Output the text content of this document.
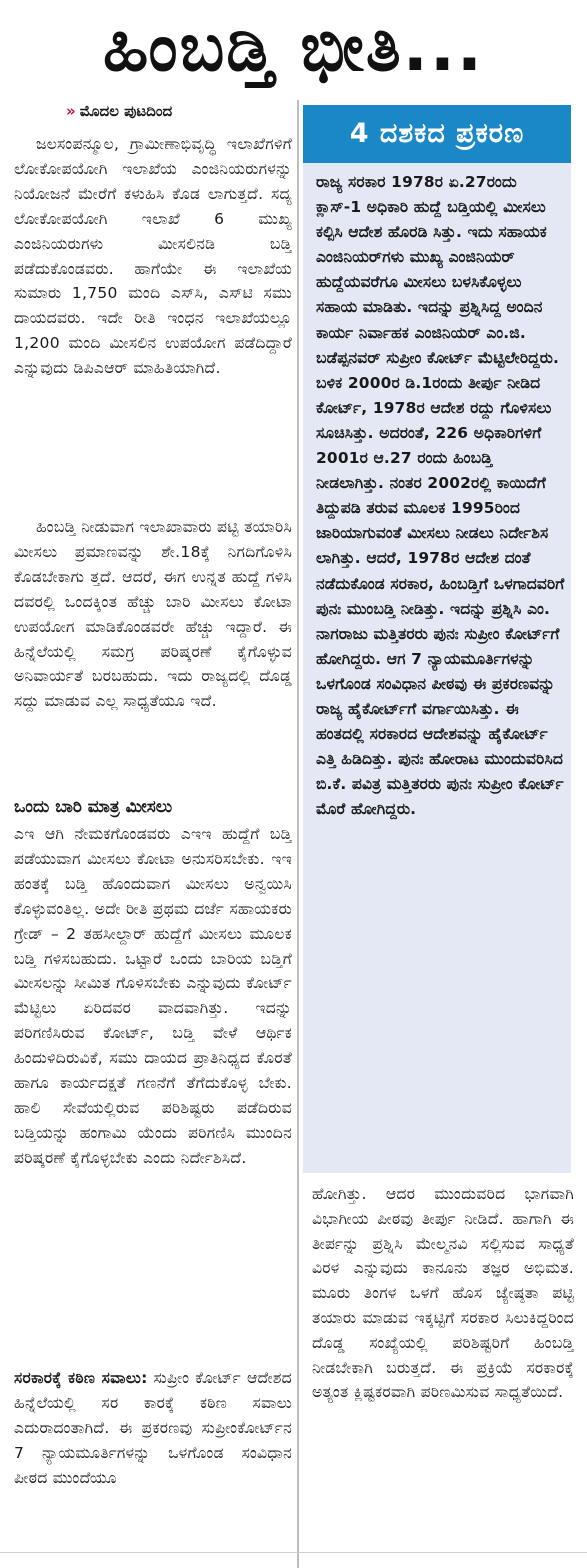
ಹಿಂಬಡ್ತಿ ಭೀತಿ...
» ಮೊದಲ ಪುಟದಿಂದ
ಜಲಸಂಪನ್ಮೂಲ, ಗ್ರಾಮೀಣಾಭಿವೃದ್ಧಿ ಇಲಾಖೆಗಳಿಗೆ ಲೋಕೋಪಯೋಗಿ ಇಲಾಖೆಯ ಎಂಜಿನಿಯರುಗಳನ್ನು ನಿಯೋಜನೆ ಮೇರೆಗೆ ಕಳುಹಿಸಿ ಕೊಡ ಲಾಗುತ್ತದೆ. ಸದ್ಯ ಲೋಕೋಪಯೋಗಿ ಇಲಾಖೆ 6 ಮುಖ್ಯ ಎಂಜಿನಿಯರುಗಳು ಮೀಸಲಿನಡಿ ಬಡ್ತಿ ಪಡೆದುಕೊಂಡವರು. ಹಾಗೆಯೇ ಈ ಇಲಾಖೆಯ ಸುಮಾರು 1,750 ಮಂದಿ ಎಸ್‌ಸಿ, ಎಸ್‌ಟಿ ಸಮು ದಾಯದವರು. ಇದೇ ರೀತಿ ಇಂಧನ ಇಲಾಖೆಯಲ್ಲೂ 1,200 ಮಂದಿ ಮೀಸಲಿನ ಉಪಯೋಗ ಪಡೆದಿದ್ದಾರೆ ಎನ್ನುವುದು ಡಿಪಿಎಆರ್ ಮಾಹಿತಿಯಾಗಿದೆ.
ಹಿಂಬಡ್ತಿ ನೀಡುವಾಗ ಇಲಾಖಾವಾರು ಪಟ್ಟಿ ತಯಾರಿಸಿ ಮೀಸಲು ಪ್ರಮಾಣವನ್ನು ಶೇ.18ಕ್ಕೆ ನಿಗದಿಗೊಳಿಸಿ ಕೊಡಬೇಕಾಗು ತ್ತದೆ. ಆದರೆ, ಈಗ ಉನ್ನತ ಹುದ್ದೆ ಗಳಿಸಿ ದವರಲ್ಲಿ ಒಂದಕ್ಕಿಂತ ಹೆಚ್ಚು ಬಾರಿ ಮೀಸಲು ಕೋಟಾ ಉಪಯೋಗ ಮಾಡಿಕೊಂಡವರೇ ಹೆಚ್ಚು ಇದ್ದಾರೆ. ಈ ಹಿನ್ನೆಲೆಯಲ್ಲಿ ಸಮಗ್ರ ಪರಿಷ್ಕರಣೆ ಕೈಗೊಳ್ಳುವ ಅನಿವಾರ್ಯತೆ ಬರಬಹುದು. ಇದು ರಾಜ್ಯದಲ್ಲಿ ದೊಡ್ಡ ಸದ್ದು ಮಾಡುವ ಎಲ್ಲ ಸಾಧ್ಯತೆಯೂ ಇದೆ.
ಒಂದು ಬಾರಿ ಮಾತ್ರ ಮೀಸಲು
ಎಇ ಆಗಿ ನೇಮಕಗೊಂಡವರು ಎಇಇ ಹುದ್ದೆಗೆ ಬಡ್ತಿ ಪಡೆಯುವಾಗ ಮೀಸಲು ಕೋಟಾ ಅನುಸರಿಸಬೇಕು. ಇಇ ಹಂತಕ್ಕೆ ಬಡ್ತಿ ಹೊಂದುವಾಗ ಮೀಸಲು ಅನ್ವಯಿಸಿ ಕೊಳ್ಳುವಂತಿಲ್ಲ. ಅದೇ ರೀತಿ ಪ್ರಥಮ ದರ್ಜೆ ಸಹಾಯಕರು ಗ್ರೇಡ್ – 2 ತಹಸೀಲ್ದಾರ್ ಹುದ್ದೆಗೆ ಮೀಸಲು ಮೂಲಕ ಬಡ್ತಿ ಗಳಿಸಬಹುದು. ಒಟ್ಟಾರೆ ಒಂದು ಬಾರಿಯ ಬಡ್ತಿಗೆ ಮೀಸಲನ್ನು ಸೀಮಿತ ಗೊಳಿಸಬೇಕು ಎನ್ನುವುದು ಕೋರ್ಟ್ ಮೆಟ್ಟಿಲು ಏರಿದವರ ವಾದವಾಗಿತ್ತು. ಇದನ್ನು ಪರಿಗಣಿಸಿರುವ ಕೋರ್ಟ್, ಬಡ್ತಿ ವೇಳೆ ಆರ್ಥಿಕ ಹಿಂದುಳಿದಿರುವಿಕೆ, ಸಮು ದಾಯದ ಪ್ರಾತಿನಿಧ್ಯದ ಕೊರತೆ ಹಾಗೂ ಕಾರ್ಯದಕ್ಷತೆ ಗಣನೆಗೆ ತೆಗೆದುಕೊಳ್ಳ ಬೇಕು. ಹಾಲಿ ಸೇವೆಯಲ್ಲಿರುವ ಪರಿಶಿಷ್ಟರು ಪಡೆದಿರುವ ಬಡ್ತಿಯನ್ನು ಹಂಗಾಮಿ ಯೆಂದು ಪರಿಗಣಿಸಿ ಮುಂದಿನ ಪರಿಷ್ಕರಣೆ ಕೈಗೊಳ್ಳಬೇಕು ಎಂದು ನಿರ್ದೇಶಿಸಿದೆ.
ಸರಕಾರಕ್ಕೆ ಕಠಿಣ ಸವಾಲು: ಸುಪ್ರೀಂ ಕೋರ್ಟ್ ಆದೇಶದ ಹಿನ್ನೆಲೆಯಲ್ಲಿ ಸರ ಕಾರಕ್ಕೆ ಕಠಿಣ ಸವಾಲು ಎದುರಾದಂತಾಗಿದೆ. ಈ ಪ್ರಕರಣವು ಸುಪ್ರೀಂಕೋರ್ಟ್‌ನ 7 ನ್ಯಾಯಮೂರ್ತಿಗಳನ್ನು ಒಳಗೊಂಡ ಸಂವಿಧಾನ ಪೀಠದ ಮುಂದೆಯೂ
4 ದಶಕದ ಪ್ರಕರಣ
ರಾಜ್ಯ ಸರಕಾರ 1978ರ ಏ.27ರಂದು ಕ್ಲಾಸ್-1 ಅಧಿಕಾರಿ ಹುದ್ದೆ ಬಡ್ತಿಯಲ್ಲಿ ಮೀಸಲು ಕಲ್ಪಿಸಿ ಆದೇಶ ಹೊರಡಿ ಸಿತ್ತು. ಇದು ಸಹಾಯಕ ಎಂಜಿನಿಯರ್‌ಗಳು ಮುಖ್ಯ ಎಂಜಿನಿಯರ್ ಹುದ್ದೆಯವರೆಗೂ ಮೀಸಲು ಬಳಸಿಕೊಳ್ಳಲು ಸಹಾಯ ಮಾಡಿತು. ಇದನ್ನು ಪ್ರಶ್ನಿಸಿದ್ದ ಅಂದಿನ ಕಾರ್ಯ ನಿರ್ವಾಹಕ ಎಂಜಿನಿಯರ್ ಎಂ.ಜಿ. ಬಡೆಪ್ಪನವರ್ ಸುಪ್ರೀಂ ಕೋರ್ಟ್ ಮೆಟ್ಟಿಲೇರಿದ್ದರು. ಬಳಿಕ 2000ರ ಡಿ.1ರಂದು ತೀರ್ಪು ನೀಡಿದ ಕೋರ್ಟ್, 1978ರ ಆದೇಶ ರದ್ದು ಗೊಳಿಸಲು ಸೂಚಿಸಿತ್ತು. ಅದರಂತೆ, 226 ಅಧಿಕಾರಿಗಳಿಗೆ 2001ರ ಆ.27 ರಂದು ಹಿಂಬಡ್ತಿ ನೀಡಲಾಗಿತ್ತು. ನಂತರ 2002ರಲ್ಲಿ ಕಾಯಿದೆಗೆ ತಿದ್ದುಪಡಿ ತರುವ ಮೂಲಕ 1995ರಿಂದ ಜಾರಿಯಾಗುವಂತೆ ಮೀಸಲು ನೀಡಲು ನಿರ್ದೇಶಿಸ ಲಾಗಿತ್ತು. ಆದರೆ, 1978ರ ಆದೇಶ ದಂತೆ ನಡೆದುಕೊಂಡ ಸರಕಾರ, ಹಿಂಬಡ್ತಿಗೆ ಒಳಗಾದವರಿಗೆ ಪುನಃ ಮುಂಬಡ್ತಿ ನೀಡಿತ್ತು. ಇದನ್ನು ಪ್ರಶ್ನಿಸಿ ಎಂ. ನಾಗರಾಜು ಮತ್ತಿತರರು ಪುನಃ ಸುಪ್ರೀಂ ಕೋರ್ಟ್‌ಗೆ ಹೋಗಿದ್ದರು. ಆಗ 7 ನ್ಯಾಯಮೂರ್ತಿಗಳನ್ನು ಒಳಗೊಂಡ ಸಂವಿಧಾನ ಪೀಠವು ಈ ಪ್ರಕರಣವನ್ನು ರಾಜ್ಯ ಹೈಕೋರ್ಟ್‌ಗೆ ವರ್ಗಾಯಿಸಿತ್ತು. ಈ ಹಂತದಲ್ಲಿ ಸರಕಾರದ ಆದೇಶವನ್ನು ಹೈಕೋರ್ಟ್ ಎತ್ತಿ ಹಿಡಿದಿತ್ತು. ಪುನಃ ಹೋರಾಟ ಮುಂದುವರಿಸಿದ ಬಿ.ಕೆ. ಪವಿತ್ರ ಮತ್ತಿತರರು ಪುನಃ ಸುಪ್ರೀಂ ಕೋರ್ಟ್ ಮೊರೆ ಹೋಗಿದ್ದರು.
ಹೋಗಿತ್ತು. ಆದರ ಮುಂದುವರಿದ ಭಾಗವಾಗಿ ವಿಭಾಗೀಯ ಪೀಠವು ತೀರ್ಪು ನೀಡಿದೆ. ಹಾಗಾಗಿ ಈ ತೀರ್ಪನ್ನು ಪ್ರಶ್ನಿಸಿ ಮೇಲ್ಮನವಿ ಸಲ್ಲಿಸುವ ಸಾಧ್ಯತೆ ವಿರಳ ಎನ್ನುವುದು ಕಾನೂನು ತಜ್ಞರ ಅಭಿಮತ. ಮೂರು ತಿಂಗಳ ಒಳಗೆ ಹೊಸ ಜ್ಯೇಷ್ಠತಾ ಪಟ್ಟಿ ತಯಾರು ಮಾಡುವ ಇಕ್ಕಟ್ಟಿಗೆ ಸರಕಾರ ಸಿಲುಕಿದ್ದರಿಂದ ದೊಡ್ಡ ಸಂಖ್ಯೆಯಲ್ಲಿ ಪರಿಶಿಷ್ಟರಿಗೆ ಹಿಂಬಡ್ತಿ ನೀಡಬೇಕಾಗಿ ಬರುತ್ತದೆ. ಈ ಪ್ರಕ್ರಿಯೆ ಸರಕಾರಕ್ಕೆ ಅತ್ಯಂತ ಕ್ಲಿಷ್ಟಕರವಾಗಿ ಪರಿಣಮಿಸುವ ಸಾಧ್ಯತೆಯಿದೆ.
